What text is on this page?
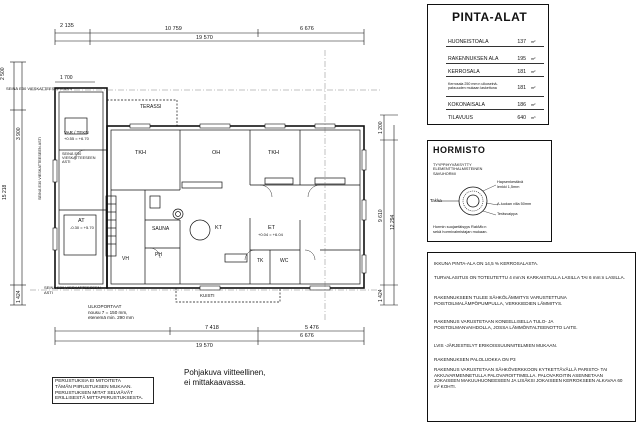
2 135	10 759	6 676
19 570
1 700
2 500
3 900
15 218
1 424
1 200
9 610 12 294
1 424
7 418	5 476
6 676
19 570
TERASSI
VAR / TEKN
+0.55 = +6.70
TKH	OH	TKH
AT
-0.30 = +5.70	KT	ET
+0.04 = +6.04
SAUNA
PH
VH	TK	WC
KUISTI
SEINÄ E30 VIESKATTEESEEN ASTI
SEINÄ E30 VIESKATTEESEEN ASTI	SEINÄ E30 VIESKATTEESEEN ASTI
SEINÄ E30 VIESKATTEESEEN ASTI
ULKOPORTAAT
nousu 7 = 150 mm,
etenemä min. 290 mm
PERUSTUKSIA EI MITOITETA
TÄMÄN PIIRUSTUKSEN MUKAAN.
PERUSTUKSEN MITAT SELVIÄVÄT
ERILLISESTÄ MITTAPIIRUSTUKSESTA.
Pohjakuva viitteellinen,
ei mittakaavassa.
PINTA-ALAT
HUONEISTOALA	137 m²
RAKENNUKSEN ALA	195 m²
KERROSALA	181 m²
Kerrosala 250 mm:n ulkoseinä-paksuuden mukaan laskettuna	181 m²
KOKONAISALA	186 m²
TILAVUUS	640 m³
HORMISTO
TYYPPIHYVÄKSYTTY
ELEMENTTIHALMISTEINEN
SAVUHORMI
Takka
Hapsenkestävä
lenkki 1,5mm
A-luokan villa 50mm
Teräsvaippa
Hormin suojaetäisyys RakMk:n
sekä hormivalmistajan mukaan.
IKKUNA PINTA-ALA ON 14,5 % KERROSALASTA.
TURVALASITUS ON TOTEUTETTU 4 mm:N KARKAISTULLA LASILLA TAI 6 mm:n LASILLA.
RAKENNUKSEEN TULEE SÄHKÖLÄMMITYS VARUSTETTUNA POISTOILMALÄMPÖPUMPULLA, VERKKIEDIEN LÄMMITYS.
RAKENNUS VARUSTETAAN KONEELLISELLA TULO- JA POISTOILMANVAIHDOLLA, JOSSA LÄMMÖNTALTEENOTTO LAITE.
LVIS -JÄRJESTELYT ERIKOISSUUNNITELMIEN MUKAAN.
RAKENNUKSEN PALOLUOKKA ON P3
RAKENNUS VARUSTETAAN SÄHKÖVERKKOON KYTKETTÄVÄLLÄ PARISTO- TAI AKKUVARMENNETULLA PALOVAROITTIMELLA. PALOVAROITIN ASENNETAAN JOKAISEEN MAKUUHUONEESEEN JA LISÄKSI JOKAISEEN KERROKSEEN ALKAVAA 60 m² KOHTI.
